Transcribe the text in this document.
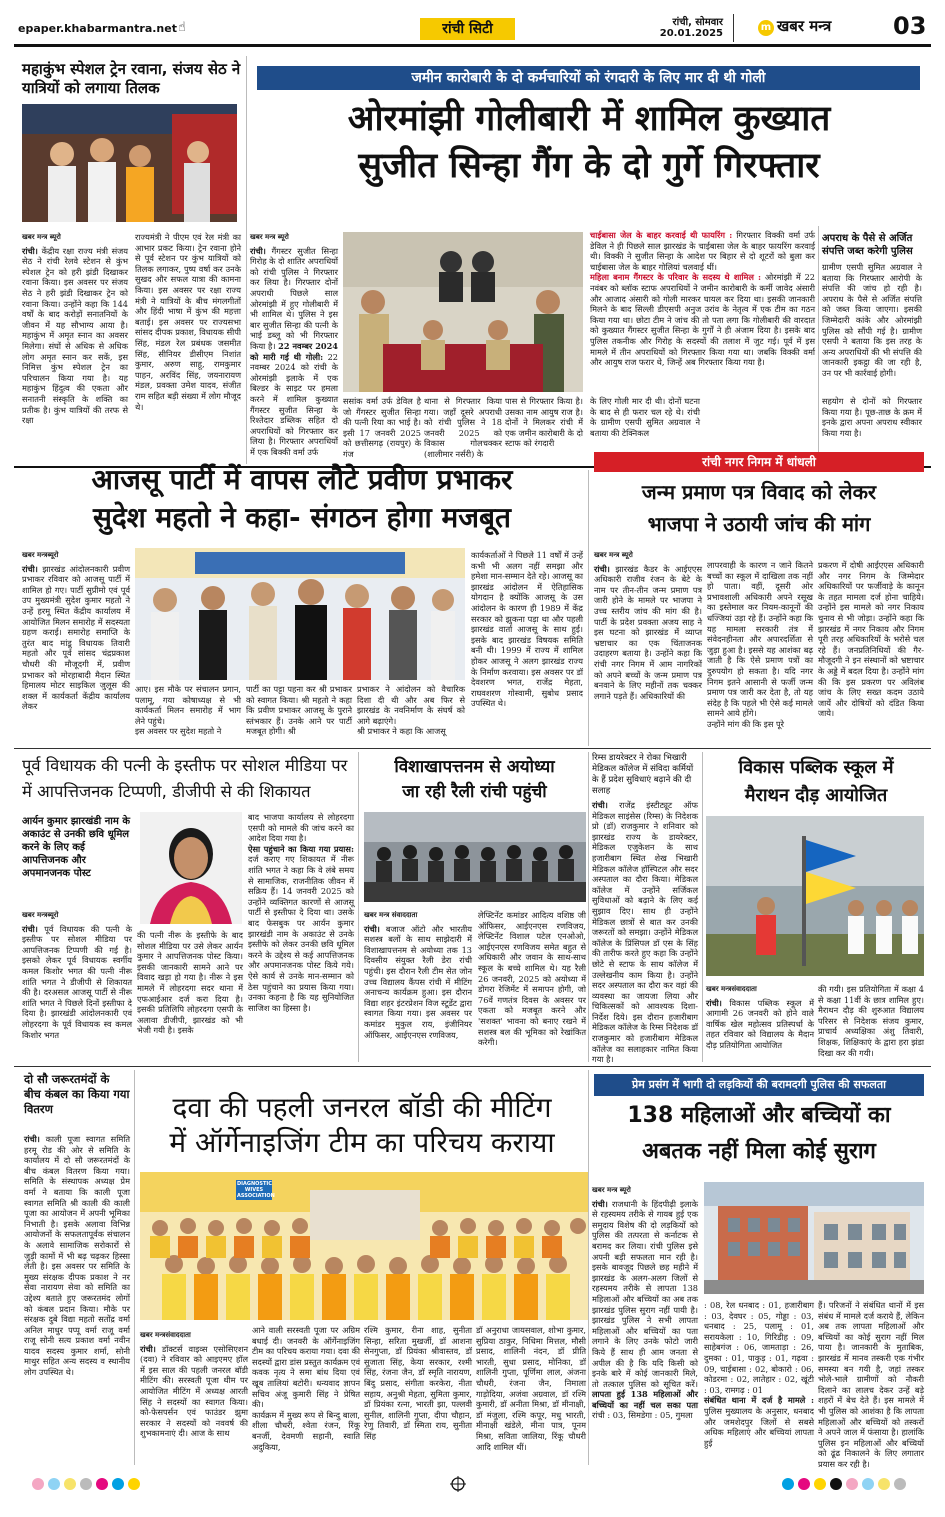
epaper.khabarmantra.net ☝	रांची सिटी	रांची, सोमवार
20.01.2025
m खबर मन्त्र	03
महाकुंभ स्पेशल ट्रेन रवाना, संजय सेठ ने यात्रियों को लगाया तिलक
खबर मन्त्र ब्यूरो
रांची। केंद्रीय रक्षा राज्य मंत्री संजय सेठ ने रांची रेलवे स्टेशन से कुंभ स्पेशल ट्रेन को हरी झंडी दिखाकर रवाना किया। इस अवसर पर संजय सेठ ने हरी झंडी दिखाकर ट्रेन को रवाना किया। उन्होंने कहा कि 144 वर्षों के बाद करोड़ों सनातनियों के जीवन में यह सौभाग्य आया है। महाकुंभ में अमृत स्नान का अवसर मिलेगा। संघों से अधिक से अधिक लोग अमृत स्नान कर सकें, इस निमित्त कुंभ स्पेशल ट्रेन का परिचालन किया गया है। यह महाकुंभ हिंदुत्व की एकता और सनातनी संस्कृति के शक्ति का प्रतीक है। कुंभ यात्रियों की तरफ से रक्षा
राज्यमंत्री ने पीएम एवं रेल मंत्री का आभार प्रकट किया। ट्रेन रवाना होने से पूर्व स्टेशन पर कुंभ यात्रियों को तिलक लगाकर, पुष्प वर्षा कर उनके सुखद और सफल यात्रा की कामना किया। इस अवसर पर रक्षा राज्य मंत्री ने यात्रियों के बीच मंगलगीतों और हिंदी भाषा में कुंभ की महत्ता बताई। इस अवसर पर राज्यसभा सांसद दीपक प्रकाश, विधायक सीपी सिंह, मंडल रेल प्रबंधक जसमीत सिंह, सीनियर डीसीएम निशांत कुमार, अरुण साहू, रामकुमार पाहन, अरविंद सिंह, जयनारायण मंडल, प्रवक्ता उमेश यादव, संजीत राम सहित बड़ी संख्या में लोग मौजूद थे।
जमीन कारोबारी के दो कर्मचारियों को रंगदारी के लिए मार दी थी गोली
ओरमांझी गोलीबारी में शामिल कुख्यात
सुजीत सिन्हा गैंग के दो गुर्गे गिरफ्तार
खबर मन्त्र ब्यूरो
रांची। गैंगस्टर सुजीत सिन्हा गिरोह के दो शातिर अपराधियों को रांची पुलिस ने गिरफ्तार कर लिया है। गिरफ्तार दोनों अपराधी पिछले साल ओरमांझी में हुए गोलीबारी में भी शामिल थे। पुलिस ने इस बार सुजीत सिन्हा की पत्नी के भाई डब्लू को भी गिरफ्तार किया है। 22 नवम्बर 2024 को मारी गई थी गोली: 22 नवम्बर 2024 को रांची के ओरमांझी इलाके में एक बिल्डर के साइट पर हमला करने में शामिल कुख्यात गैंगस्टर सुजीत सिन्हा के रिश्तेदार डब्लिक सहित दो अपराधियों को गिरफ्तार कर लिया है। गिरफ्तार अपराधियों में एक बिक्की वर्मा उर्फ
ससांक वर्मा उर्फ डेविल है जो गैंगस्टर सुजीत सिन्हा की पत्नी रिया का भाई है। इसी 17 जनवरी 2025 को छत्तीसगढ़ (रायपुर) के गंज
थाना से गिरफ्तार किया गया। जहाँ दूसरे अपराधी को रांची पुलिस ने 18 जनवरी 2025 को विकास गोलचक्कर (शालीमार नर्सरी) के
पास से गिरफ्तार किया है। उसका नाम आयुष राज है। दोनों ने मिलकर रांची में एक जमीन कारोबारी के दो स्टाफ को रंगदारी
चाईबासा जेल के बाहर करवाई थी फायरिंग : गिरफ्तार विक्की वर्मा उर्फ डेविल ने ही पिछले साल झारखंड के चाईबासा जेल के बाहर फायरिंग करवाई थी। विक्की ने सुजीत सिन्हा के आदेश पर बिहार से दो शूटरों को बुला कर चाईबासा जेल के बाहर गोलियां चलवाई थीं।
महिला बनाम गैंगस्टर के परिवार के सदस्य थे शामिल : ओरमांझी में 22 नवंबर को ब्लॉक स्टाफ अपराधियों ने जमीन कारोबारी के कर्मी जावेद अंसारी और आजाद अंसारी को गोली मारकर घायल कर दिया था। इसकी जानकारी मिलने के बाद सिल्ली डीएसपी अनुज उरांव के नेतृत्व में एक टीम का गठन किया गया था। छोटा टीम ने जांच की तो पता लगा कि गोलीबारी की वारदात को कुख्यात गैंगस्टर सुजीत सिन्हा के गुर्गों ने ही अंजाम दिया है। इसके बाद पुलिस तकनीक और गिरोह के सदस्यों की तलाश में जुट गई। पूर्व में इस मामले में तीन अपराधियों को गिरफ्तार किया गया था। जबकि विक्की वर्मा और आयुष राज फरार थे, जिन्हें अब गिरफ्तार किया गया है।
के लिए गोली मार दी थी। दोनों घटना के बाद से ही फरार चल रहे थे। रांची के ग्रामीण एसपी सुमित अग्रवाल ने बताया की टेक्निकल
अपराध के पैसे से अर्जित संपत्ति जब्त करेगी पुलिस
ग्रामीण एसपी सुमित अग्रवाल ने बताया कि गिरफ्तार आरोपी के संपत्ति की जांच हो रही है। अपराध के पैसे से अर्जित संपत्ति को जब्त किया जाएगा। इसकी जिम्मेदारी कांके और ओरमांझी पुलिस को सौंपी गई है। ग्रामीण एसपी ने बताया कि इस तरह के अन्य अपराधियों की भी संपत्ति की जानकारी इकट्ठा की जा रही है, उन पर भी कार्रवाई होगी।
सहयोग से दोनों को गिरफ्तार किया गया है। पूछ-ताछ के क्रम में इनके द्वारा अपना अपराध स्वीकार किया गया है।
आजसू पार्टी में वापस लौटे प्रवीण प्रभाकर
सुदेश महतो ने कहा- संगठन होगा मजबूत
खबर मन्त्रब्यूरो
रांची। झारखंड आंदोलनकारी प्रवीण प्रभाकर रविवार को आजसू पार्टी में शामिल हो गए। पार्टी सुप्रीमो एवं पूर्व उप मुख्यमंत्री सुदेश कुमार महतो ने उन्हें हरमू स्थित केंद्रीय कार्यालय में आयोजित मिलन समारोह में सदस्यता ग्रहण कराई। समारोह समाप्ति के तुरंत बाद मांडू विधायक तिवारी महतो और पूर्व सांसद चंद्रप्रकाश चौधरी की मौजूदगी में, प्रवीण प्रभाकर को मोरहाबादी मैदान स्थित हिमालय मोटर साइकिल जुलूस की शक्ल में कार्यकर्ता केंद्रीय कार्यालय लेकर
आए। इस मौके पर संचालन प्रगान, पलामू, गया कोषाध्यक्ष से भी कार्यकर्ता मिलन समारोह में भाग लेने पहुंचे।
इस अवसर पर सुदेश महतो ने
पार्टी का पट्टा पहना कर श्री प्रभाकर को स्वागत किया। श्री महतो ने कहा कि प्रवीण प्रभाकर आजसू के पुराने स्तंभकार हैं। उनके आने पर पार्टी मजबूत होगी। श्री
प्रभाकर ने आंदोलन को वैचारिक दिशा दी थी और अब फिर से झारखंड के नवनिर्माण के संघर्ष को आगे बढ़ाएंगे।
श्री प्रभाकर ने कहा कि आजसू
कार्यकर्ताओं ने पिछले 11 वर्षों में उन्हें कभी भी अलग नहीं समझा और हमेशा मान-सम्मान देते रहे। आजसू का झारखंड आंदोलन में ऐतिहासिक योगदान है क्योंकि आजसू के उस आंदोलन के कारण ही 1989 में केंद्र सरकार को झुकना पड़ा था और पहली झारखंड वार्ता आजसू के साथ हुई। इसके बाद झारखंड विषयक समिति बनी थी। 1999 में राज्य में शामिल होकर आजसू ने अलग झारखंड राज्य के निर्माण करवाया। इस अवसर पर डॉ देवशरण भगत, राजेंद्र मेहता, राघवशरण गोस्वामी, सुबोध प्रसाद उपस्थित थे।
रांची नगर निगम में धांधली
जन्म प्रमाण पत्र विवाद को लेकर
भाजपा ने उठायी जांच की मांग
खबर मन्त्र ब्यूरो
रांची। झारखंड कैडर के आईएएस अधिकारी राजीव रंजन के बेटे के नाम पर तीन-तीन जन्म प्रमाण पत्र जारी होने के मामले पर भाजपा ने उच्च स्तरीय जांच की मांग की है। पार्टी के प्रदेश प्रवक्ता अजय साह ने इस घटना को झारखंड में व्याप्त भ्रष्टाचार का एक चिंताजनक उदाहरण बताया है। उन्होंने कहा कि रांची नगर निगम में आम नागरिकों को अपने बच्चों के जन्म प्रमाण पत्र बनवाने के लिए महीनों तक चक्कर लगाने पड़ते हैं। अधिकारियों की
लापरवाही के कारण न जाने कितने बच्चों का स्कूल में दाखिला तक नहीं हो पाता। वहीं, दूसरी ओर प्रभावशाली अधिकारी अपने रसूख का इस्तेमाल कर नियम-कानूनों की धज्जियां उड़ा रहे हैं। उन्होंने कहा कि यह मामला सरकारी तंत्र में संवेदनहीनता और अपारदर्शिता से जुड़ा हुआ है। इससे यह आशंका बढ़ जाती है कि ऐसे प्रमाण पत्रों का दुरुपयोग हो सकता है। यदि नगर निगम इतने आसानी से फर्जी जन्म प्रमाण पत्र जारी कर देता है, तो यह संदेह है कि पहले भी ऐसे कई मामले सामने आये होंगे।
उन्होंने मांग की कि इस पूरे
प्रकरण में दोषी आईएएस अधिकारी और नगर निगम के जिम्मेदार अधिकारियों पर फर्जीवाड़े के कानून के तहत मामला दर्ज होना चाहिये। उन्होंने इस मामले को नगर निकाय चुनाव से भी जोड़ा। उन्होंने कहा कि झारखंड में नगर निकाय और निगम पूरी तरह अधिकारियों के भरोसे चल रहे हैं। जनप्रतिनिधियों की गैर-मौजूदगी ने इन संस्थानों को भ्रष्टाचार के अड्डे में बदल दिया है। उन्होंने मांग की कि इस प्रकरण पर अविलंब जांच के लिए सख्त कदम उठाये जायें और दोषियों को दंडित किया जाये।
पूर्व विधायक की पत्नी के इस्तीफ पर सोशल मीडिया पर
में आपत्तिजनक टिप्पणी, डीजीपी से की शिकायत
आर्यन कुमार झारखंडी नाम के अकाउंट से उनकी छवि धूमिल करने के लिए कई आपत्तिजनक और अपमानजनक पोस्ट
खबर मन्त्रब्यूरो
रांची। पूर्व विधायक की पत्नी के इस्तीफ पर सोशल मीडिया पर आपत्तिजनक टिप्पणी की गई है। इसको लेकर पूर्व विधायक स्वर्गीय कमल किशोर भगत की पत्नी नीरू शांति भगत ने डीजीपी से शिकायत की है। दरअसल आजसू पार्टी से नीरू शांति भगत ने पिछले दिनों इस्तीफा दे दिया है। झारखंडी आंदोलनकारी एवं लोहरदगा के पूर्व विधायक स्व कमल किशोर भगत
की पत्नी नीरू के इस्तीफे के बाद सोशल मीडिया पर उसे लेकर आर्यन कुमार ने आपत्तिजनक पोस्ट किया। इसकी जानकारी सामने आने पर विवाद खड़ा हो गया है। नीरू ने इस मामले में लोहरदगा सदर थाना में एफआईआर दर्ज करा दिया है। इसकी प्रतिलिपि लोहरदगा एसपी के अलावा डीजीपी, झारखंड को भी भेजी गयी है। इसके
बाद भाजपा कार्यालय से लोहरदगा एसपी को मामले की जांच करने का आदेश दिया गया है।
ऐसा पहुंचाने का किया गया प्रयास: दर्ज कराए गए शिकायत में नीरू शांति भगत ने कहा कि वे लंबे समय से सामाजिक, राजनीतिक जीवन में सक्रिय हैं। 14 जनवरी 2025 को उन्होंने व्यक्तिगत कारणों से आजसू पार्टी से इस्तीफा दे दिया था। उसके बाद फेसबुक पर आर्यन कुमार झारखंडी नाम के अकाउंट से उनके इस्तीफे को लेकर उनकी छवि धूमिल करने के उद्देश्य से कई आपत्तिजनक और अपमानजनक पोस्ट किये गये। ऐसे कार्य से उनके मान-सम्मान को ठेस पहुंचाने का प्रयास किया गया। उनका कहना है कि यह सुनियोजित साजिश का हिस्सा है।
विशाखापत्तनम से अयोध्या
जा रही रैली रांची पहुंची
खबर मन्त्र संवाददाता
रांची। बजाज ऑटो और भारतीय सशस्त्र बलों के साथ साझेदारी में विशाखापत्तनम से अयोध्या तक 13 दिवसीय संयुक्त रैली डेरा रांची पहुंची। इस दौरान रैली टीम सेत जोन उच्च विद्यालय कैंपस रांची में मीटिंग अनाचन्य कार्यक्रम हुआ। इस दौरान विद्या शहर इंटरप्रेशन विज स्टूडेंट द्वारा स्वागत किया गया। इस अवसर पर कमांडर मुकुल राय, इंजीनियर ऑफिसर, आईएनएस रणविजय,
लेफ्टिनेंट कमांडर आदित्य वशिष्ठ जी ऑफिसर, आईएनएस रणविजय, लेफ्टिनेंट विशाल पटेल एनओओ, आईएनएस रणविजय समेत बहुत से अधिकारी और जवान के साथ-साथ स्कूल के बच्चे शामिल थे। यह रैली 26 जनवरी, 2025 को अयोध्या में डोगरा रेजिमेंट में समापन होगी, जो 76वें गणतंत्र दिवस के अवसर पर एकता को मजबूत करने और 'सशक्त' भावना को बनाए रखने में सशस्त्र बल की भूमिका को रेखांकित करेगी।
रिम्स डायरेक्टर ने रोका भिखारी मेडिकल कॉलेज में संविदा कर्मियों के हैं प्रदेश सुविधाएं बढ़ाने की दी सलाह
रांची। राजेंद्र इंस्टीट्यूट ऑफ मेडिकल साइंसेस (रिम्स) के निदेशक प्रो (डॉ) राजकुमार ने शनिवार को झारखंड राज्य के डायरेक्टर, मेडिकल एजुकेशन के साथ हजारीबाग स्थित शेख भिखारी मेडिकल कॉलेज हॉस्पिटल और सदर अस्पताल का दौरा किया। मेडिकल कॉलेज में उन्होंने सर्जिकल सुविधाओं को बढ़ाने के लिए कई सुझाव दिए। साथ ही उन्होंने मेडिकल छात्रों से बात कर उनकी जरूरतों को समझा। उन्होंने मेडिकल कॉलेज के प्रिंसिपल डॉ एस के सिंह की तारीफ करते हुए कहा कि उन्होंने छोटे से स्टाफ के साथ कॉलेज में उल्लेखनीय काम किया है। उन्होंने सदर अस्पताल का दौरा कर वहां की व्यवस्था का जायजा लिया और चिकित्सकों को आवश्यक दिशा-निर्देश दिये। इस दौरान हजारीबाग मेडिकल कॉलेज के रिम्स निदेशक डॉ राजकुमार को हजारीबाग मेडिकल कॉलेज का सलाहकार नामित किया गया है।
विकास पब्लिक स्कूल में
मैराथन दौड़ आयोजित
खबर मन्त्रसंवाददाता
रांची। विकास पब्लिक स्कूल में आगामी 26 जनवरी को होने वाले वार्षिक खेल महोत्सव प्रतिस्पर्धा के तहत रविवार को विद्यालय के मैदान दौड़ प्रतियोगिता आयोजित
की गयी। इस प्रतियोगिता में कक्षा 4 से कक्षा 11वीं के छात्र शामिल हुए। मैराथन दौड़ की शुरुआत विद्यालय परिसर से निदेशक संजय कुमार, प्राचार्य अध्यक्षिका अंशु तिवारी, शिक्षक, शिक्षिकाएं के द्वारा हरा झंडा दिखा कर की गयी।
दो सौ जरूरतमंदों के बीच कंबल का किया गया वितरण
रांची। काली पूजा स्वागत समिति हरमू रोड की ओर से समिति के कार्यालय में दो सौ जरूरतमंदों के बीच कंबल वितरण किया गया। समिति के संस्थापक अध्यक्ष प्रेम वर्मा ने बताया कि काली पूजा स्वागत समिति श्री काली की काली पूजा का आयोजन में अपनी भूमिका निभाती है। इसके अलावा विभिन्न आयोजनों के सफलतापूर्वक संचालन के अलावे सामाजिक सरोकारों से जुड़ी कामों में भी बढ़ चढ़कर हिस्सा लेती है। इस अवसर पर समिति के मुख्य संरक्षक दीपक प्रकाश ने नर सेवा नारायण सेवा को समिति का उद्देश्य बताते हुए जरूरतमंद लोगों को कंबल प्रदान किया। मौके पर संरक्षक दुबे विद्या महतो सतोंद्र वर्मा अनिल माधुर पप्पू वर्मा राजू वर्मा राजू सोनी सत्य प्रकाश वर्मा नवीन यादव सदस्य कुमार शर्मा, सोनी माथुर सहित अन्य सदस्य व स्थानीय लोग उपस्थित थे।
दवा की पहली जनरल बॉडी की मीटिंग
में ऑर्गेनाइजिंग टीम का परिचय कराया
DIAGNOSTIC WIVES ASSOCIATION
खबर मन्त्रसंवाददाता
रांची। डॉक्टर्स वाइव्स एसोसिएशन (दवा) ने रविवार को आइएमए हॉल में इस साल की पहली जनरल बॉडी मीटिंग की। सरस्वती पूजा थीम पर आयोजित मीटिंग में अध्यक्ष आरती सिंह ने सदस्यों का स्वागत किया। को-फेसपर्सन एवं फाउंडर झुमा सरकार ने सदस्यों को नववर्ष की शुभकामनाएं दी। आज के साथ
आने वाली सरस्वती पूजा पर अग्रिम बधाई दी। जनवरी के ऑर्गेनाइजिंग टीम का परिचय कराया गया। दवा की सदस्यों द्वारा डांस प्रस्तुत कार्यक्रम एवं कवक नृत्य ने समा बांध दिया एवं खूब तालियां बटोरी। धन्यवाद ज्ञापन सचिव अंजू कुमारी सिंह ने प्रेषित की।
कार्यक्रम में मुख्य रूप से बिन्दु बाला, शीला चौधरी, श्वेता रंजन, रिंकू बनर्जी, देवमणी सहानी, स्वाति अदुकिया,
रश्मि कुमार, रीना शाह, सुनीता सिन्हा, सरिता मुखर्जी, डॉ आशना सेनगुप्ता, डॉ प्रियंका श्रीवास्तव, डॉ सुजाता सिंह, केया सरकार, रश्मी सिंह, रंजना जैन, डॉ स्मृति नारायण, बिंदु प्रसाद, संगीता करकेरा, नीता सहाय, अनुश्री मेहता, सुमिता कुमार, डॉ प्रियंका रत्ना, भारती झा, पल्लवी सुनील, शालिनी गुप्ता, दीपा चौहान, रेणु तिवारी, डॉ स्मिता राय, सुनीता सिंह
डॉ अनुराधा जायसवाल, शोभा कुमार, सुप्रिया ठाकुर, निधिमा मित्तल, मौसी प्रसाद, शालिनी नंदन, डॉ प्रीति भारती, सुधा प्रसाद, मोनिका, डॉ शालिनी गुप्ता, पूर्णिमा लाल, अंजना चौधरी, रंजना जैन, निमाला गाड़ोदिया, अजंवा अग्रवाल, डॉ रश्मि कुमारी, डॉ अनीता मिश्रा, डॉ मीनाक्षी, डॉ मंजुला, रश्मि कपूर, मधु भारती, मीनाक्षी खंडेले, मीना पात्र, पूनम मिश्रा, सविता जालिया, रिंकू चौधरी आदि शामिल थीं।
प्रेम प्रसंग में भागी दो लड़कियों की बरामदगी पुलिस की सफलता
138 महिलाओं और बच्चियों का
अबतक नहीं मिला कोई सुराग
खबर मन्त्र ब्यूरो
रांची। राजधानी के हिंदपीढ़ी इलाके से रहस्यमय तरीके से गायब हुई एक समुदाय विशेष की दो लड़कियों को पुलिस की तत्परता से कर्नाटक से बरामद कर लिया। रांची पुलिस इसे अपनी बड़ी सफलता मान रही है। इसके बावजूद पिछले छह महीने में झारखंड के अलग-अलग जिलों से रहस्यमय तरीके से लापता 138 महिलाओं और बच्चियों का अब तक झारखंड पुलिस सुराग नहीं पायी है। झारखंड पुलिस ने सभी लापता महिलाओं और बच्चियों का पता लगाने के लिए उनके फोटो जारी किये हैं साथ ही आम जनता से अपील की है कि यदि किसी को इनके बारे में कोई जानकारी मिले, तो तत्काल पुलिस को सूचित करें। लापता हुई 138 महिलाओं और बच्चियों का नहीं चल सका पता रांची : 03, सिमडेगा : 05, गुमला
: 08, रेल धनबाद : 01, हजारीबाग : 03, देवघर : 05, गोड्डा : 03, धनबाद : 25, पलामू : 01, सरायकेला : 10, गिरिडीह : 09, साहेबगंज : 06, जामताड़ा : 26, दुमका : 01, पाकुड़ : 01, गढ़वा : 09, चाईबासा : 02, बोकारो : 06, कोडरमा : 02, लातेहार : 02, खूंटी : 03, रामगढ़ : 01
संबंधित थाना में दर्ज है मामले : पुलिस मुख्यालय के अनुसार, धनबाद और जमशेदपुर जिलों से सबसे अधिक महिलाएं और बच्चियां लापता हुई
हैं। परिजनों ने संबंधित थानों में इस संबंध में मामले दर्ज कराये हैं, लेकिन अब तक लापता महिलाओं और बच्चियों का कोई सुराग नहीं मिल पाया है। जानकारी के मुताबिक, झारखंड में मानव तस्करी एक गंभीर समस्या बन गयी है, जहां तस्कर भोले-भाले ग्रामीणों को नौकरी दिलाने का लालच देकर उन्हें बड़े शहरों में बेच देते हैं। इस मामले में भी पुलिस को आशंका है कि लापता महिलाओं और बच्चियों को तस्करों ने अपने जाल में फंसाया है। हालांकि पुलिस इन महिलाओं और बच्चियों को ढूंढ निकालने के लिए लगातार प्रयास कर रही है।
